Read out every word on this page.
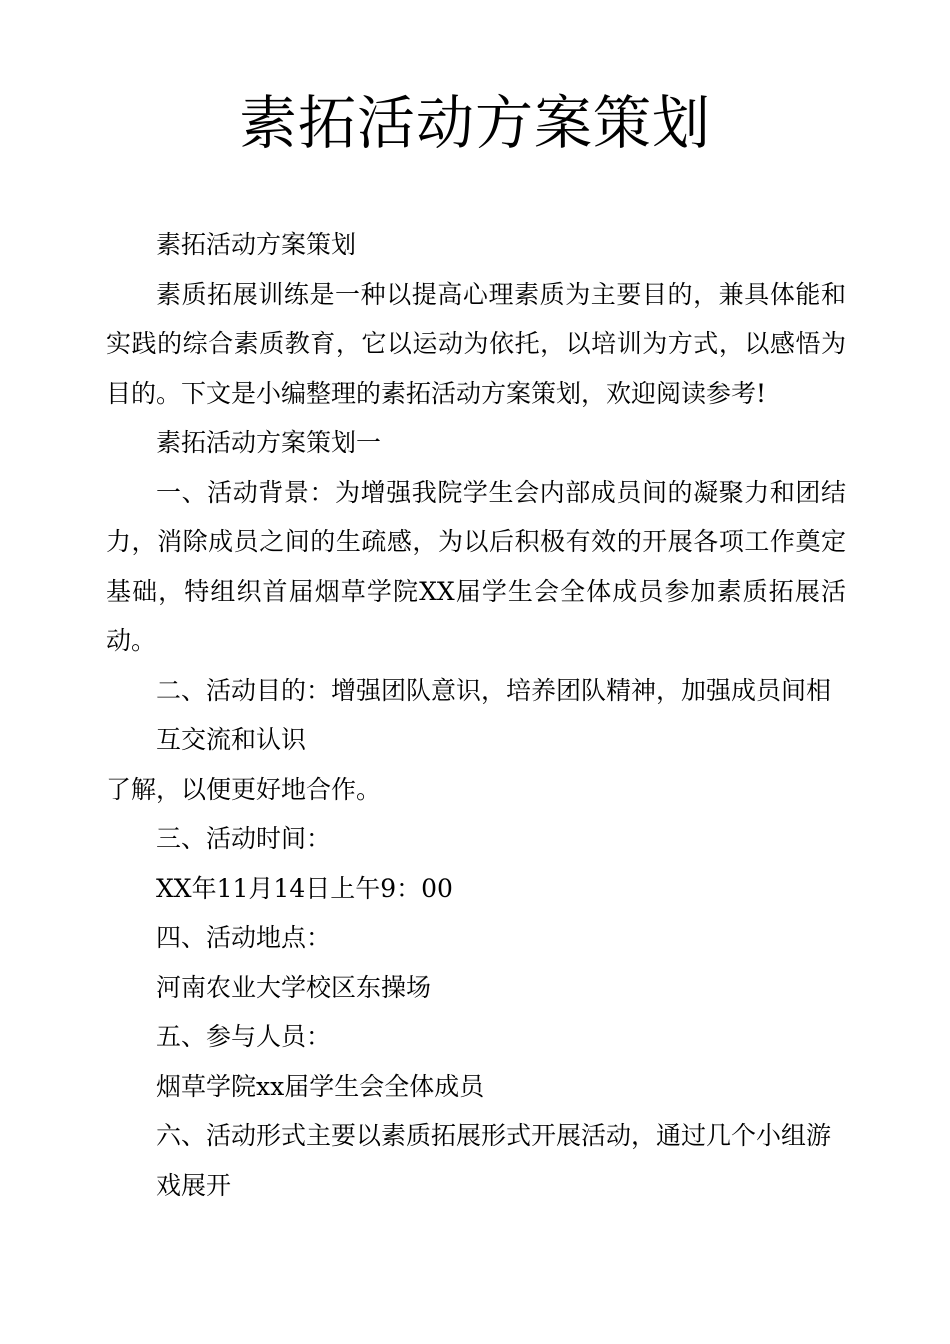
素拓活动方案策划

素拓活动方案策划

素质拓展训练是一种以提高心理素质为主要目的，兼具体能和实践的综合素质教育，它以运动为依托，以培训为方式，以感悟为目的。下文是小编整理的素拓活动方案策划，欢迎阅读参考!

素拓活动方案策划一

一、活动背景：为增强我院学生会内部成员间的凝聚力和团结力，消除成员之间的生疏感，为以后积极有效的开展各项工作奠定基础，特组织首届烟草学院XX届学生会全体成员参加素质拓展活动。

二、活动目的：增强团队意识，培养团队精神，加强成员间相

互交流和认识

了解，以便更好地合作。

三、活动时间：

XX年11月14日上午9：00

四、活动地点：

河南农业大学校区东操场

五、参与人员：

烟草学院xx届学生会全体成员

六、活动形式主要以素质拓展形式开展活动，通过几个小组游

戏展开
